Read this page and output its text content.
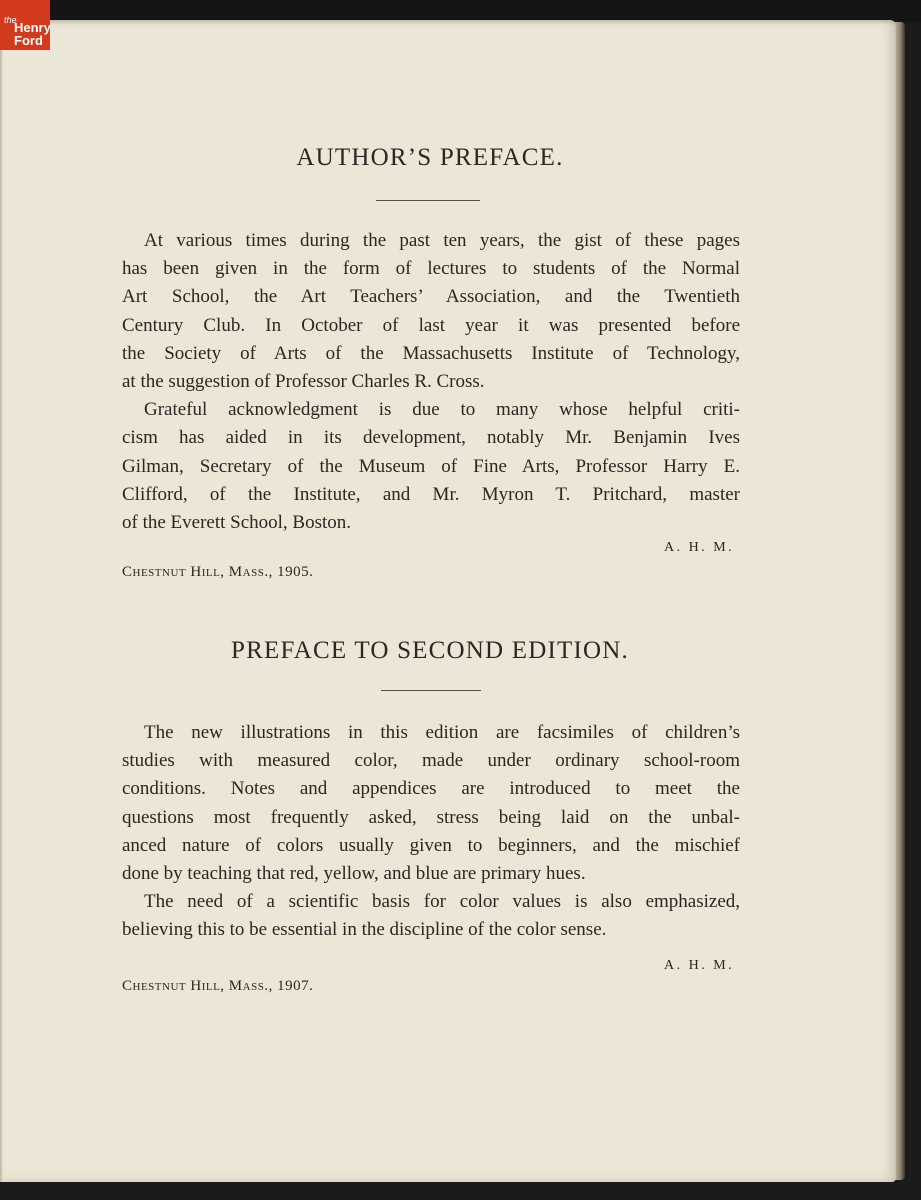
the
Henry
Ford
AUTHOR’S PREFACE.
At various times during the past ten years, the gist of these pages
has been given in the form of lectures to students of the Normal
Art School, the Art Teachers’ Association, and the Twentieth
Century Club. In October of last year it was presented before
the Society of Arts of the Massachusetts Institute of Technology,
at the suggestion of Professor Charles R. Cross.
Grateful acknowledgment is due to many whose helpful criti-
cism has aided in its development, notably Mr. Benjamin Ives
Gilman, Secretary of the Museum of Fine Arts, Professor Harry E.
Clifford, of the Institute, and Mr. Myron T. Pritchard, master
of the Everett School, Boston.
A. H. M.
Chestnut Hill, Mass., 1905.
PREFACE TO SECOND EDITION.
The new illustrations in this edition are facsimiles of children’s
studies with measured color, made under ordinary school-room
conditions. Notes and appendices are introduced to meet the
questions most frequently asked, stress being laid on the unbal-
anced nature of colors usually given to beginners, and the mischief
done by teaching that red, yellow, and blue are primary hues.
The need of a scientific basis for color values is also emphasized,
believing this to be essential in the discipline of the color sense.
A. H. M.
Chestnut Hill, Mass., 1907.
